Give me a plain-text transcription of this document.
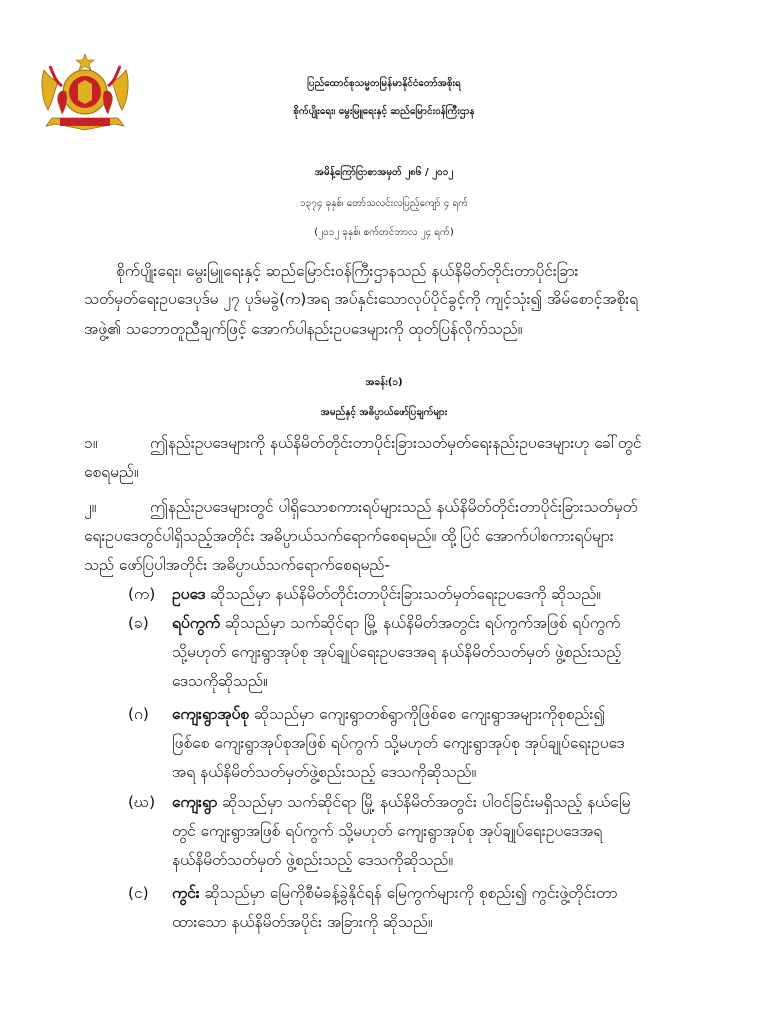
ပြည်ထောင်စုသမ္မတမြန်မာနိုင်ငံတော်အစိုးရ
စိုက်ပျိုးရေး၊ မွေးမြူရေးနှင့် ဆည်မြောင်းဝန်ကြီးဌာန
အမိန့်ကြော်ငြာစာအမှတ် ၂၈၆ / ၂၀၁၂
၁၃၇၄ ခုနှစ်၊ တော်သလင်းလပြည့်ကျော် ၄ ရက်
(၂၀၁၂ ခုနှစ်၊ စက်တင်ဘာလ ၂၄ ရက်)
စိုက်ပျိုးရေး၊ မွေးမြူရေးနှင့် ဆည်မြောင်းဝန်ကြီးဌာနသည် နယ်နိမိတ်တိုင်းတာပိုင်းခြား
သတ်မှတ်ရေးဥပဒေပုဒ်မ ၂၇ ပုဒ်မခွဲ(က)အရ အပ်နှင်းသောလုပ်ပိုင်ခွင့်ကို ကျင့်သုံး၍ အိမ်စောင့်အစိုးရ
အဖွဲ့၏ သဘောတူညီချက်ဖြင့် အောက်ပါနည်းဥပဒေများကို ထုတ်ပြန်လိုက်သည်။
အခန်း(၁)
အမည်နှင့် အဓိပ္ပာယ်ဖော်ပြချက်များ
၁။	ဤနည်းဥပဒေများကို နယ်နိမိတ်တိုင်းတာပိုင်းခြားသတ်မှတ်ရေးနည်းဥပဒေများဟု ခေါ်တွင်
စေရမည်။
၂။	ဤနည်းဥပဒေများတွင် ပါရှိသောစကားရပ်များသည် နယ်နိမိတ်တိုင်းတာပိုင်းခြားသတ်မှတ်
ရေးဥပဒေတွင်ပါရှိသည့်အတိုင်း အဓိပ္ပာယ်သက်ရောက်စေရမည်။ ထို့ပြင် အောက်ပါစကားရပ်များ
သည် ဖော်ပြပါအတိုင်း အဓိပ္ပာယ်သက်ရောက်စေရမည်-
(က) ဥပဒေ ဆိုသည်မှာ နယ်နိမိတ်တိုင်းတာပိုင်းခြားသတ်မှတ်ရေးဥပဒေကို ဆိုသည်။
(ခ) ရပ်ကွက် ဆိုသည်မှာ သက်ဆိုင်ရာ မြို့ နယ်နိမိတ်အတွင်း ရပ်ကွက်အဖြစ် ရပ်ကွက်
သို့မဟုတ် ကျေးရွာအုပ်စု အုပ်ချုပ်ရေးဥပဒေအရ နယ်နိမိတ်သတ်မှတ် ဖွဲ့စည်းသည့်
ဒေသကိုဆိုသည်။
(ဂ) ကျေးရွာအုပ်စု ဆိုသည်မှာ ကျေးရွာတစ်ရွာကိုဖြစ်စေ ကျေးရွာအများကိုစုစည်း၍
ဖြစ်စေ ကျေးရွာအုပ်စုအဖြစ် ရပ်ကွက် သို့မဟုတ် ကျေးရွာအုပ်စု အုပ်ချုပ်ရေးဥပဒေ
အရ နယ်နိမိတ်သတ်မှတ်ဖွဲ့စည်းသည့် ဒေသကိုဆိုသည်။
(ဃ) ကျေးရွာ ဆိုသည်မှာ သက်ဆိုင်ရာ မြို့ နယ်နိမိတ်အတွင်း ပါဝင်ခြင်းမရှိသည့် နယ်မြေ
တွင် ကျေးရွာအဖြစ် ရပ်ကွက် သို့မဟုတ် ကျေးရွာအုပ်စု အုပ်ချုပ်ရေးဥပဒေအရ
နယ်နိမိတ်သတ်မှတ် ဖွဲ့စည်းသည့် ဒေသကိုဆိုသည်။
(င) ကွင်း ဆိုသည်မှာ မြေကိုစီမံခန့်ခွဲနိုင်ရန် မြေကွက်များကို စုစည်း၍ ကွင်းဖွဲ့တိုင်းတာ
ထားသော နယ်နိမိတ်အပိုင်း အခြားကို ဆိုသည်။
